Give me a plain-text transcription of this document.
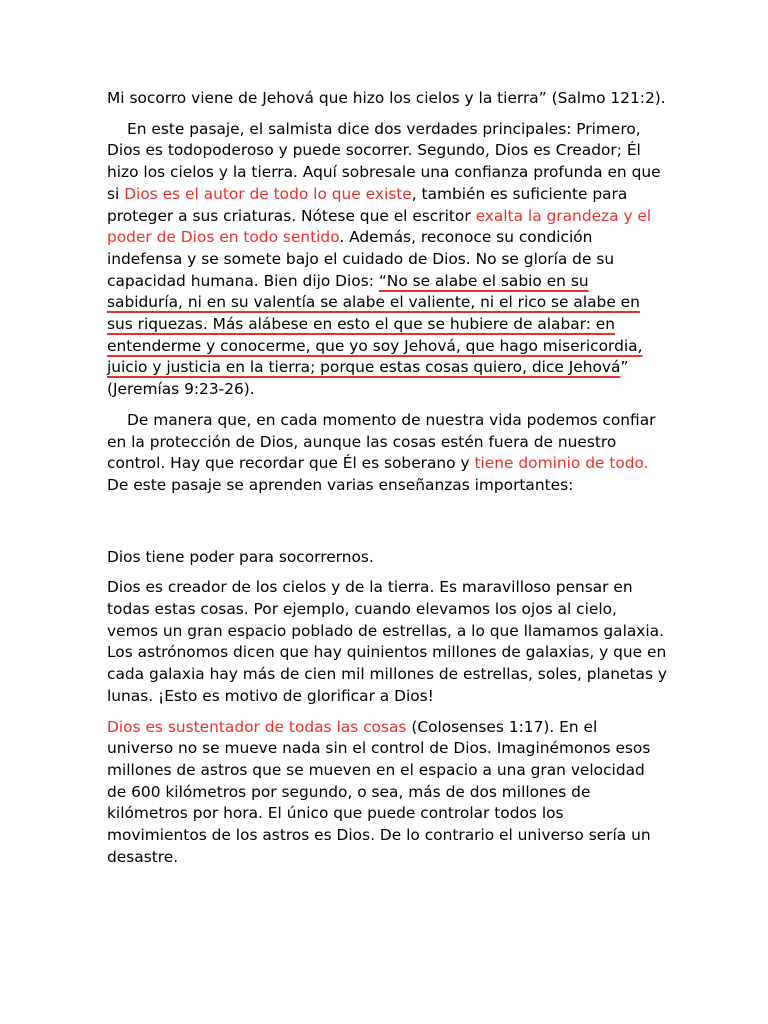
Mi socorro viene de Jehová que hizo los cielos y la tierra” (Salmo 121:2).

En este pasaje, el salmista dice dos verdades principales: Primero, Dios es todopoderoso y puede socorrer. Segundo, Dios es Creador; Él hizo los cielos y la tierra. Aquí sobresale una confianza profunda en que si Dios es el autor de todo lo que existe, también es suficiente para proteger a sus criaturas. Nótese que el escritor exalta la grandeza y el poder de Dios en todo sentido. Además, reconoce su condición indefensa y se somete bajo el cuidado de Dios. No se gloría de su capacidad humana. Bien dijo Dios: “No se alabe el sabio en su sabiduría, ni en su valentía se alabe el valiente, ni el rico se alabe en sus riquezas. Más alábese en esto el que se hubiere de alabar: en entenderme y conocerme, que yo soy Jehová, que hago misericordia, juicio y justicia en la tierra; porque estas cosas quiero, dice Jehová” (Jeremías 9:23-26).

De manera que, en cada momento de nuestra vida podemos confiar en la protección de Dios, aunque las cosas estén fuera de nuestro control. Hay que recordar que Él es soberano y tiene dominio de todo. De este pasaje se aprenden varias enseñanzas importantes:

Dios tiene poder para socorrernos.

Dios es creador de los cielos y de la tierra. Es maravilloso pensar en todas estas cosas. Por ejemplo, cuando elevamos los ojos al cielo, vemos un gran espacio poblado de estrellas, a lo que llamamos galaxia. Los astrónomos dicen que hay quinientos millones de galaxias, y que en cada galaxia hay más de cien mil millones de estrellas, soles, planetas y lunas. ¡Esto es motivo de glorificar a Dios!

Dios es sustentador de todas las cosas (Colosenses 1:17). En el universo no se mueve nada sin el control de Dios. Imaginémonos esos millones de astros que se mueven en el espacio a una gran velocidad de 600 kilómetros por segundo, o sea, más de dos millones de kilómetros por hora. El único que puede controlar todos los movimientos de los astros es Dios. De lo contrario el universo sería un desastre.
